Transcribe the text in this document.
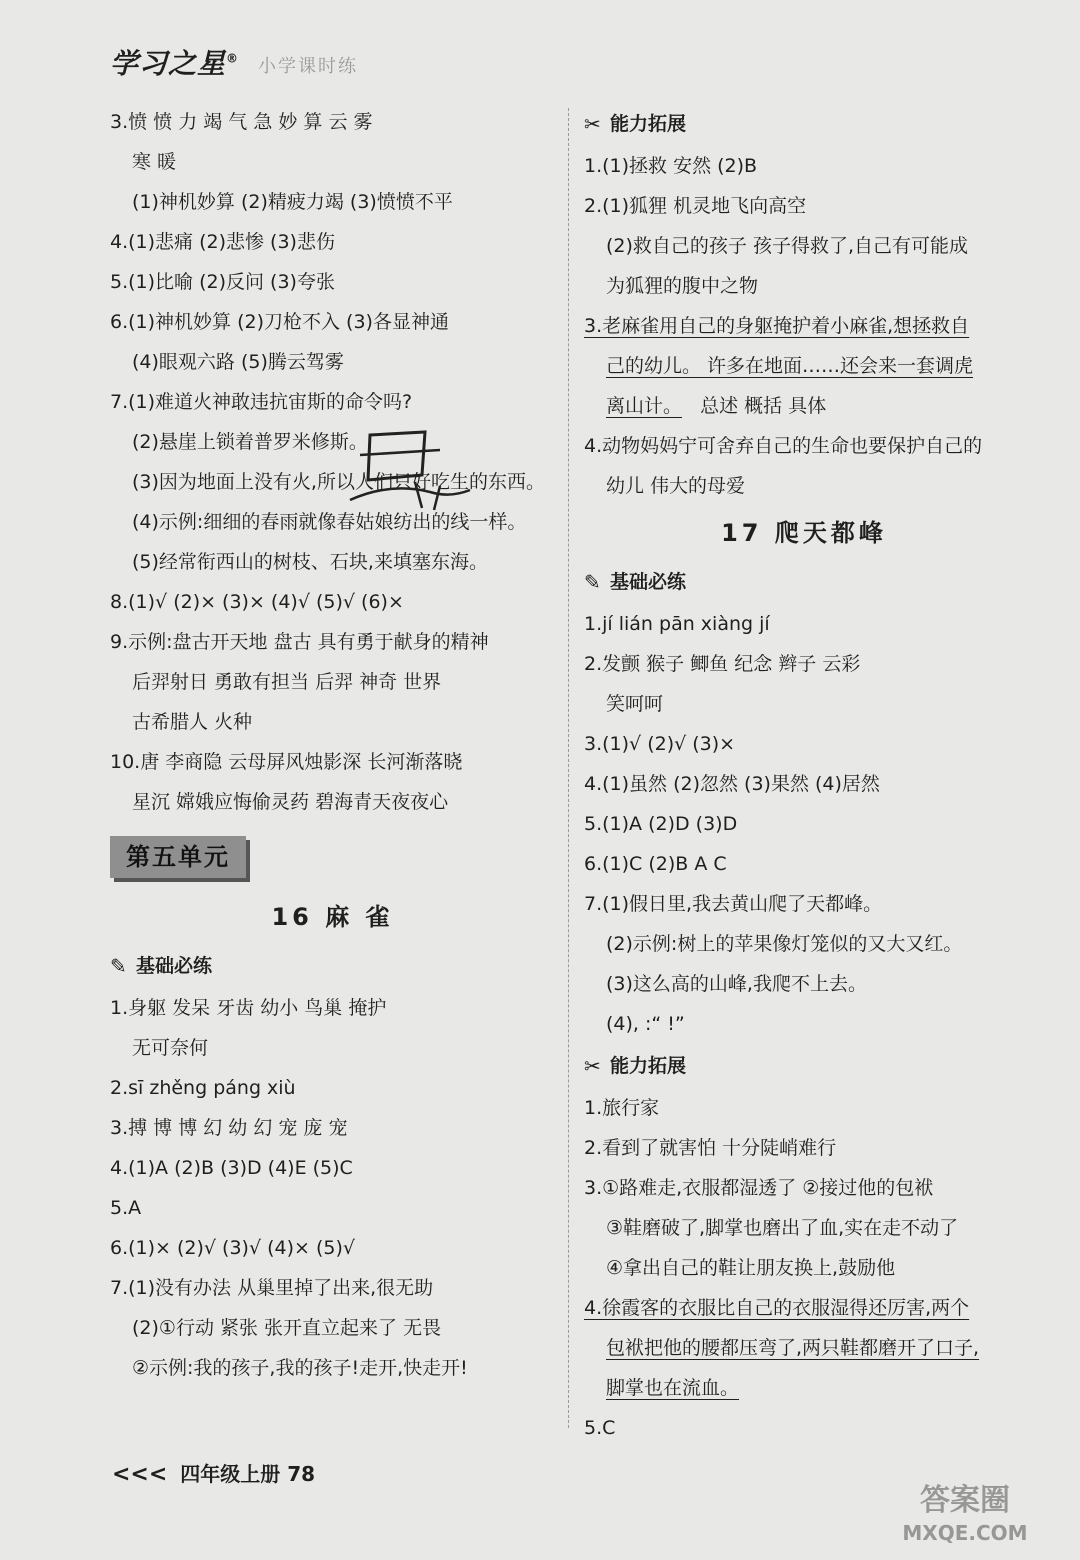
学习之星® 小学课时练
3.愤 愤 力 竭 气 急 妙 算 云 雾
寒 暖
(1)神机妙算 (2)精疲力竭 (3)愤愤不平
4.(1)悲痛 (2)悲惨 (3)悲伤
5.(1)比喻 (2)反问 (3)夸张
6.(1)神机妙算 (2)刀枪不入 (3)各显神通
(4)眼观六路 (5)腾云驾雾
7.(1)难道火神敢违抗宙斯的命令吗?
(2)悬崖上锁着普罗米修斯。
(3)因为地面上没有火,所以人们只好吃生的东西。
(4)示例:细细的春雨就像春姑娘纺出的线一样。
(5)经常衔西山的树枝、石块,来填塞东海。
8.(1)√ (2)× (3)× (4)√ (5)√ (6)×
9.示例:盘古开天地 盘古 具有勇于献身的精神
后羿射日 勇敢有担当 后羿 神奇 世界
古希腊人 火种
10.唐 李商隐 云母屏风烛影深 长河渐落晓
星沉 嫦娥应悔偷灵药 碧海青天夜夜心
第五单元
16 麻 雀
✎ 基础必练
1.身躯 发呆 牙齿 幼小 鸟巢 掩护
无可奈何
2.sī zhěng páng xiù
3.搏 博 博 幻 幼 幻 宠 庞 宠
4.(1)A (2)B (3)D (4)E (5)C
5.A
6.(1)× (2)√ (3)√ (4)× (5)√
7.(1)没有办法 从巢里掉了出来,很无助
(2)①行动 紧张 张开直立起来了 无畏
②示例:我的孩子,我的孩子!走开,快走开!
✂ 能力拓展
1.(1)拯救 安然 (2)B
2.(1)狐狸 机灵地飞向高空
(2)救自己的孩子 孩子得救了,自己有可能成
为狐狸的腹中之物
3.老麻雀用自己的身躯掩护着小麻雀,想拯救自
己的幼儿。 许多在地面……还会来一套调虎
离山计。 总述 概括 具体
4.动物妈妈宁可舍弃自己的生命也要保护自己的
幼儿 伟大的母爱
17 爬天都峰
✎ 基础必练
1.jí lián pān xiàng jí
2.发颤 猴子 鲫鱼 纪念 辫子 云彩
笑呵呵
3.(1)√ (2)√ (3)×
4.(1)虽然 (2)忽然 (3)果然 (4)居然
5.(1)A (2)D (3)D
6.(1)C (2)B A C
7.(1)假日里,我去黄山爬了天都峰。
(2)示例:树上的苹果像灯笼似的又大又红。
(3)这么高的山峰,我爬不上去。
(4), :“ !”
✂ 能力拓展
1.旅行家
2.看到了就害怕 十分陡峭难行
3.①路难走,衣服都湿透了 ②接过他的包袱
③鞋磨破了,脚掌也磨出了血,实在走不动了
④拿出自己的鞋让朋友换上,鼓励他
4.徐霞客的衣服比自己的衣服湿得还厉害,两个
包袱把他的腰都压弯了,两只鞋都磨开了口子,
脚掌也在流血。
5.C
<<< 四年级上册 78
答案圈
MXQE.COM
